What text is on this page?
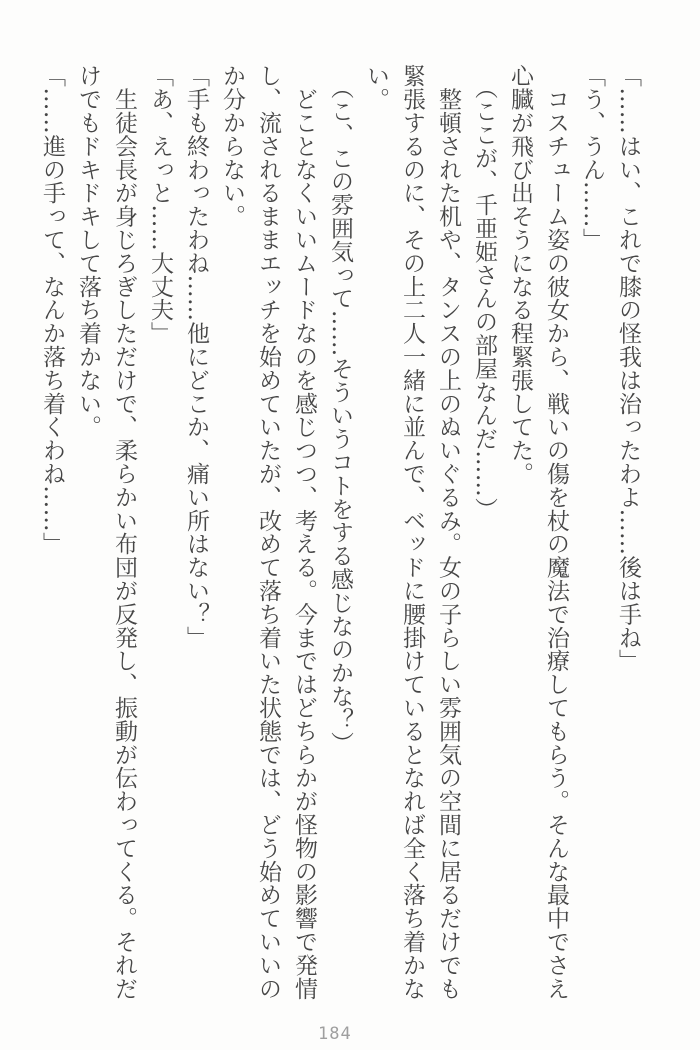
「……はい、これで膝の怪我は治ったわよ……後は手ね」

「う、うん……」

　コスチューム姿の彼女から、戦いの傷を杖の魔法で治療してもらう。そんな最中でさえ

心臓が飛び出そうになる程緊張してた。

　（ここが、千亜姫さんの部屋なんだ……）

　整頓された机や、タンスの上のぬいぐるみ。女の子らしい雰囲気の空間に居るだけでも

緊張するのに、その上二人一緒に並んで、ベッドに腰掛けているとなれば全く落ち着かな

い。

　（こ、この雰囲気って……そういうコトをする感じなのかな？）

　どことなくいいムードなのを感じつつ、考える。今まではどちらかが怪物の影響で発情

し、流されるままエッチを始めていたが、改めて落ち着いた状態では、どう始めていいの

か分からない。

「手も終わったわね……他にどこか、痛い所はない？」

「あ、えっと……大丈夫」

　生徒会長が身じろぎしただけで、柔らかい布団が反発し、振動が伝わってくる。それだ

けでもドキドキして落ち着かない。

「……進の手って、なんか落ち着くわね……」

184
